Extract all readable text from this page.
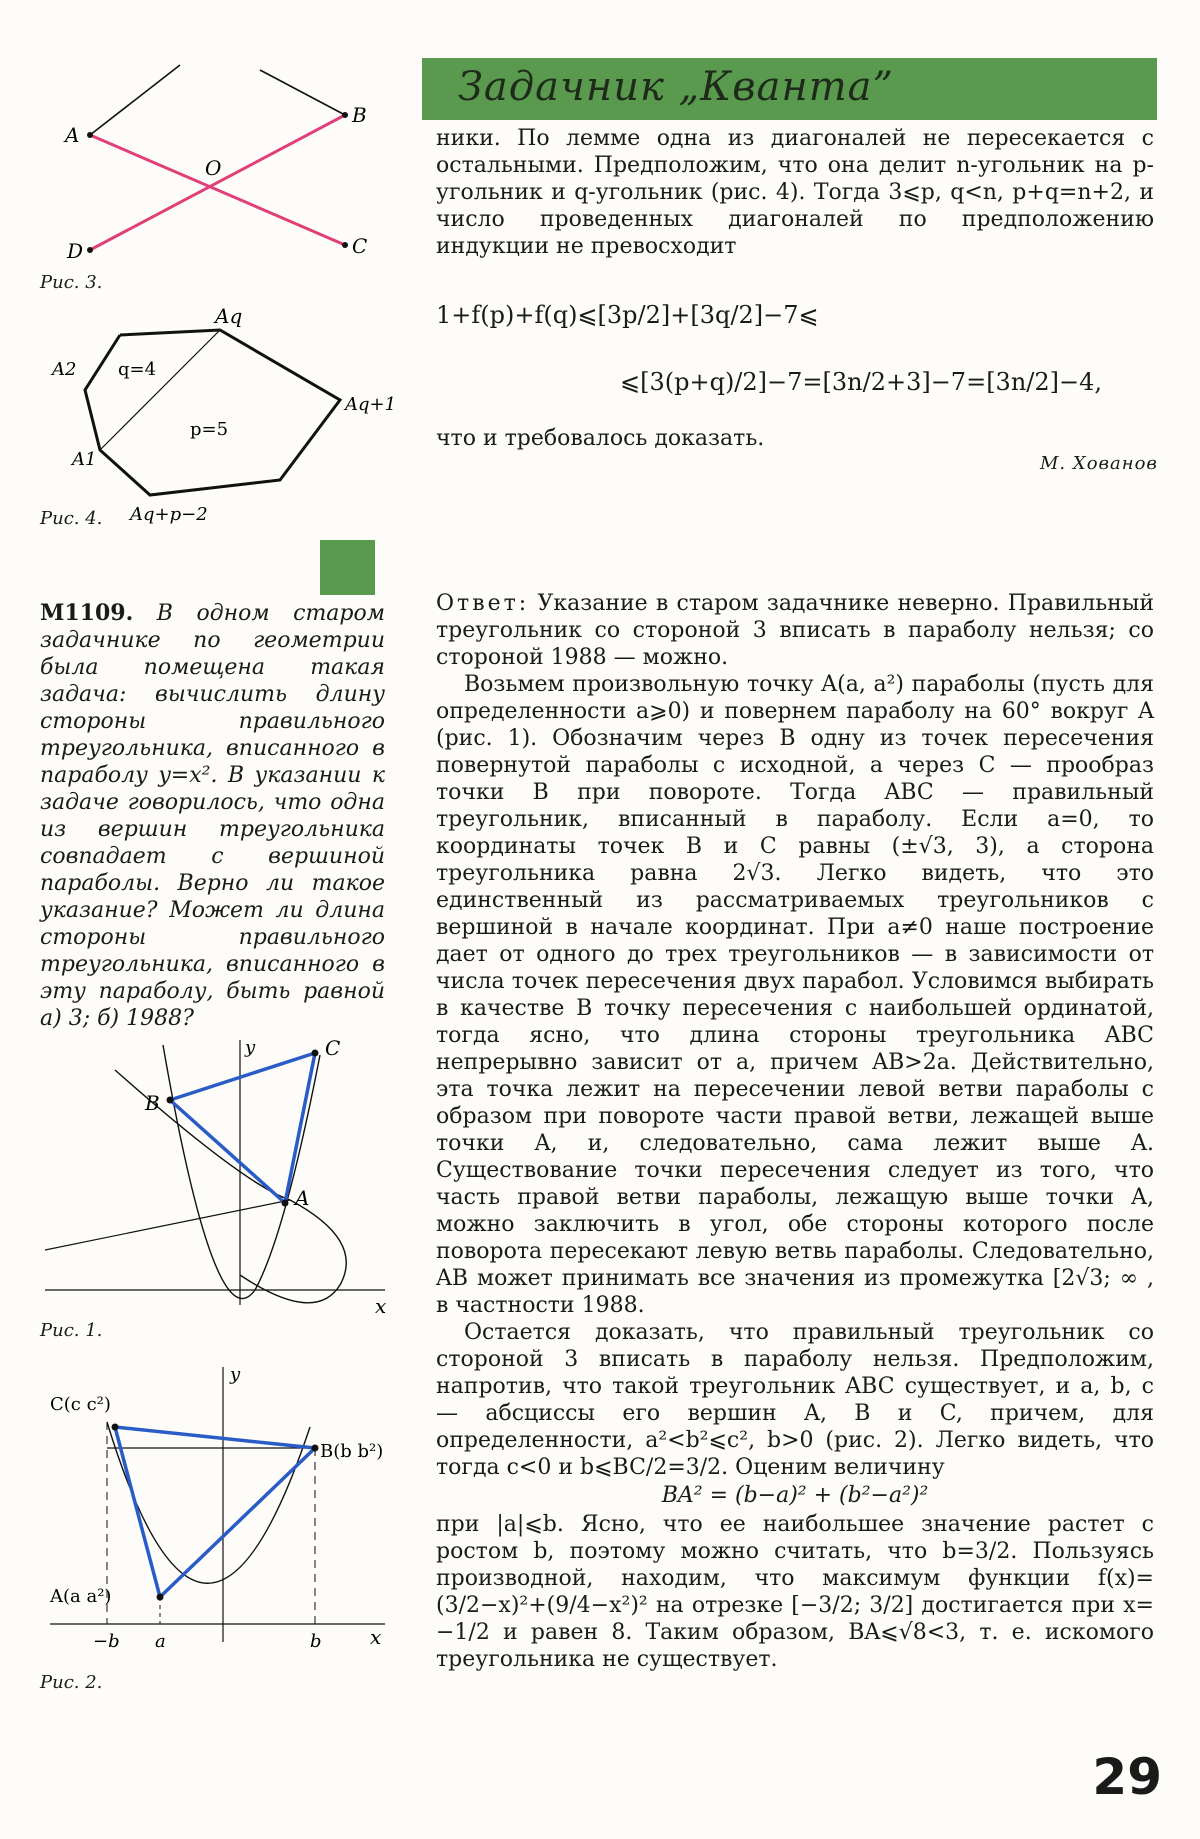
Задачник „Кванта”

ники. По лемме одна из диагоналей не пересекается с остальными. Предположим, что она делит n-угольник на p-угольник и q-угольник (рис. 4). Тогда 3⩽p, q<n, p+q=n+2, и число проведенных диагоналей по предположению индукции не превосходит

1+f(p)+f(q)⩽[3p/2]+[3q/2]−7⩽
⩽[3(p+q)/2]−7=[3n/2+3]−7=[3n/2]−4,

что и требовалось доказать.

М. Хованов
A
B
O
D	C
Рис. 3.
Aq
A2 q=4
p=5
Aq+1
A1
Aq+p−2
Рис. 4.
М1109. В одном старом задачнике по геометрии была помещена такая задача: вычислить длину стороны правильного треугольника, вписанного в параболу y=x². В указании к задаче говорилось, что одна из вершин треугольника совпадает с вершиной параболы. Верно ли такое указание? Может ли длина стороны правильного треугольника, вписанного в эту параболу, быть равной а) 3; б) 1988?
y	C
B
A
x
Рис. 1.
y
C(c c²)
B(b b²)
A(a a²)
−b a	b x
Рис. 2.

Ответ: Указание в старом задачнике неверно. Правильный треугольник со стороной 3 вписать в параболу нельзя; со стороной 1988 — можно.

Возьмем произвольную точку A(a, a²) параболы (пусть для определенности a⩾0) и повернем параболу на 60° вокруг A (рис. 1). Обозначим через B одну из точек пересечения повернутой параболы с исходной, а через C — прообраз точки B при повороте. Тогда ABC — правильный треугольник, вписанный в параболу. Если a=0, то координаты точек B и C равны (±√3, 3), а сторона треугольника равна 2√3. Легко видеть, что это единственный из рассматриваемых треугольников с вершиной в начале координат. При a≠0 наше построение дает от одного до трех треугольников — в зависимости от числа точек пересечения двух парабол. Условимся выбирать в качестве B точку пересечения с наибольшей ординатой, тогда ясно, что длина стороны треугольника ABC непрерывно зависит от a, причем AB>2a. Действительно, эта точка лежит на пересечении левой ветви параболы с образом при повороте части правой ветви, лежащей выше точки A, и, следовательно, сама лежит выше A. Существование точки пересечения следует из того, что часть правой ветви параболы, лежащую выше точки A, можно заключить в угол, обе стороны которого после поворота пересекают левую ветвь параболы. Следовательно, AB может принимать все значения из промежутка [2√3; ∞ , в частности 1988.

Остается доказать, что правильный треугольник со стороной 3 вписать в параболу нельзя. Предположим, напротив, что такой треугольник ABC существует, и a, b, c — абсциссы его вершин A, B и C, причем, для определенности, a²<b²⩽c², b>0 (рис. 2). Легко видеть, что тогда c<0 и b⩽BC/2=3/2. Оценим величину

BA² = (b−a)² + (b²−a²)²

при |a|⩽b. Ясно, что ее наибольшее значение растет с ростом b, поэтому можно считать, что b=3/2. Пользуясь производной, находим, что максимум функции f(x)=(3/2−x)²+(9/4−x²)² на отрезке [−3/2; 3/2] достигается при x= −1/2 и равен 8. Таким образом, BA⩽√8<3, т. е. искомого треугольника не существует.

29
